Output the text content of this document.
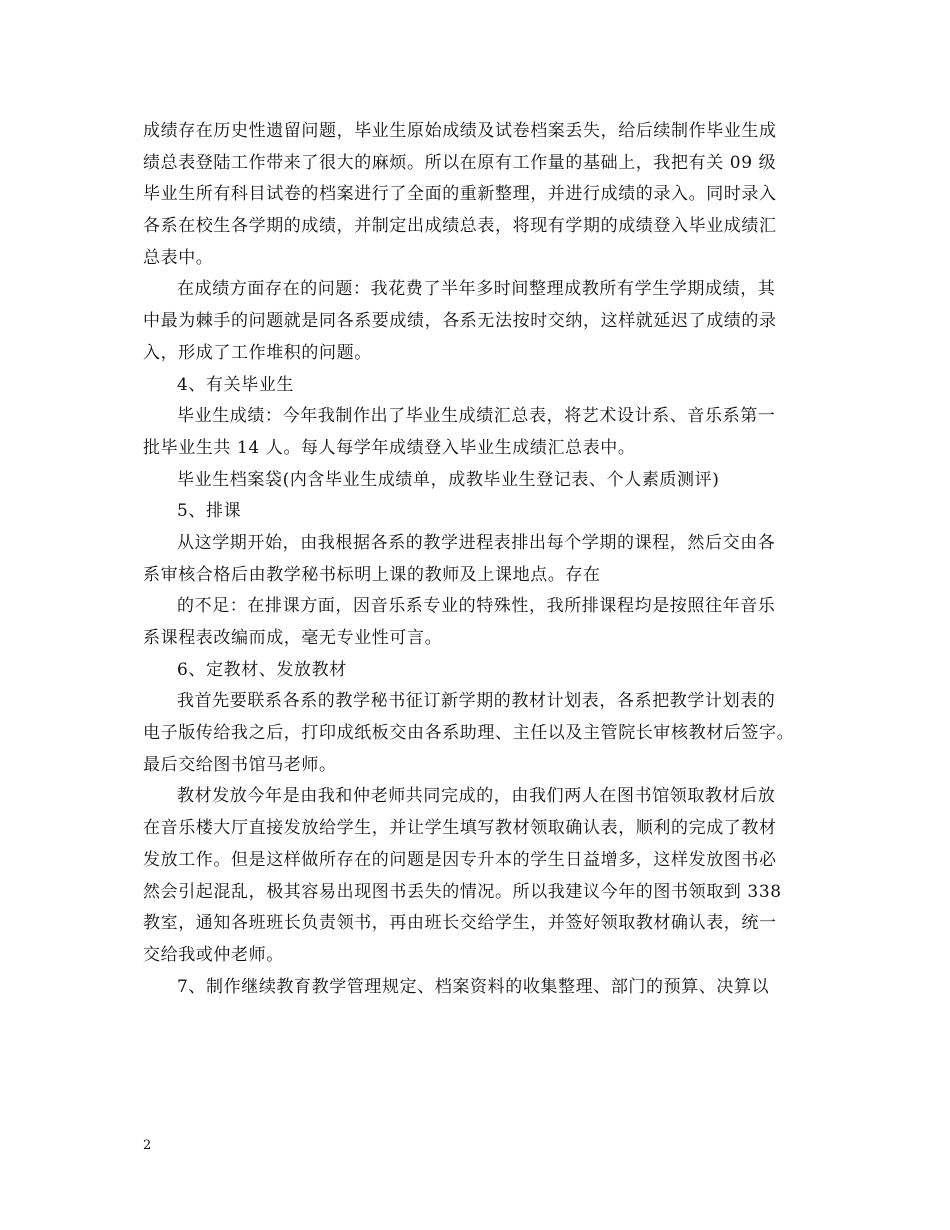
成绩存在历史性遗留问题，毕业生原始成绩及试卷档案丢失，给后续制作毕业生成
绩总表登陆工作带来了很大的麻烦。所以在原有工作量的基础上，我把有关 09 级
毕业生所有科目试卷的档案进行了全面的重新整理，并进行成绩的录入。同时录入
各系在校生各学期的成绩，并制定出成绩总表，将现有学期的成绩登入毕业成绩汇
总表中。
在成绩方面存在的问题：我花费了半年多时间整理成教所有学生学期成绩，其
中最为棘手的问题就是同各系要成绩，各系无法按时交纳，这样就延迟了成绩的录
入，形成了工作堆积的问题。
4、有关毕业生
毕业生成绩：今年我制作出了毕业生成绩汇总表，将艺术设计系、音乐系第一
批毕业生共 14 人。每人每学年成绩登入毕业生成绩汇总表中。
毕业生档案袋(内含毕业生成绩单，成教毕业生登记表、个人素质测评)
5、排课
从这学期开始，由我根据各系的教学进程表排出每个学期的课程，然后交由各
系审核合格后由教学秘书标明上课的教师及上课地点。存在
的不足：在排课方面，因音乐系专业的特殊性，我所排课程均是按照往年音乐
系课程表改编而成，毫无专业性可言。
6、定教材、发放教材
我首先要联系各系的教学秘书征订新学期的教材计划表，各系把教学计划表的
电子版传给我之后，打印成纸板交由各系助理、主任以及主管院长审核教材后签字。
最后交给图书馆马老师。
教材发放今年是由我和仲老师共同完成的，由我们两人在图书馆领取教材后放
在音乐楼大厅直接发放给学生，并让学生填写教材领取确认表，顺利的完成了教材
发放工作。但是这样做所存在的问题是因专升本的学生日益增多，这样发放图书必
然会引起混乱，极其容易出现图书丢失的情况。所以我建议今年的图书领取到 338
教室，通知各班班长负责领书，再由班长交给学生，并签好领取教材确认表，统一
交给我或仲老师。
7、制作继续教育教学管理规定、档案资料的收集整理、部门的预算、决算以
2
